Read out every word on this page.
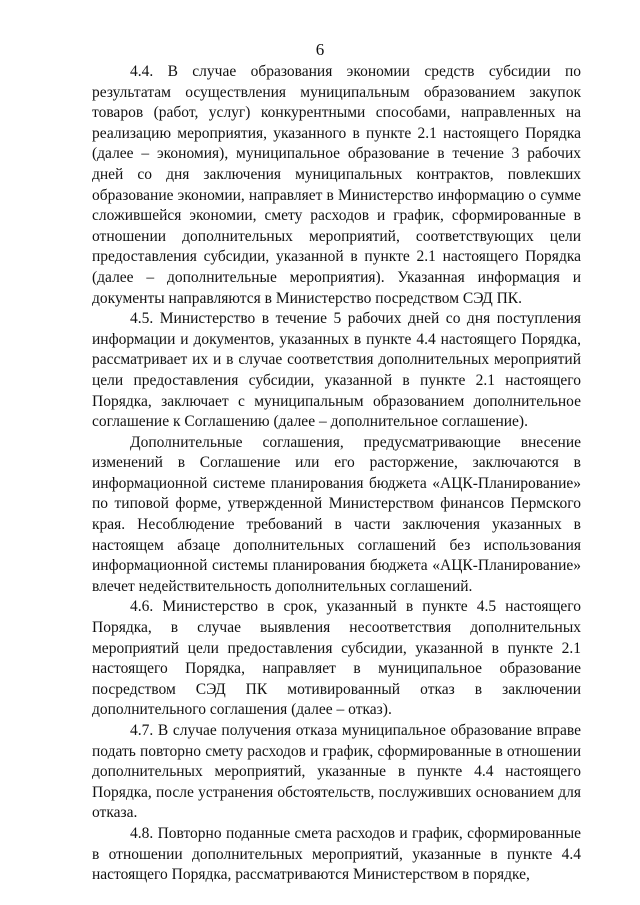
6

4.4. В случае образования экономии средств субсидии по результатам осуществления муниципальным образованием закупок товаров (работ, услуг) конкурентными способами, направленных на реализацию мероприятия, указанного в пункте 2.1 настоящего Порядка (далее – экономия), муниципальное образование в течение 3 рабочих дней со дня заключения муниципальных контрактов, повлекших образование экономии, направляет в Министерство информацию о сумме сложившейся экономии, смету расходов и график, сформированные в отношении дополнительных мероприятий, соответствующих цели предоставления субсидии, указанной в пункте 2.1 настоящего Порядка (далее – дополнительные мероприятия). Указанная информация и документы направляются в Министерство посредством СЭД ПК.

4.5. Министерство в течение 5 рабочих дней со дня поступления информации и документов, указанных в пункте 4.4 настоящего Порядка, рассматривает их и в случае соответствия дополнительных мероприятий цели предоставления субсидии, указанной в пункте 2.1 настоящего Порядка, заключает с муниципальным образованием дополнительное соглашение к Соглашению (далее – дополнительное соглашение).

Дополнительные соглашения, предусматривающие внесение изменений в Соглашение или его расторжение, заключаются в информационной системе планирования бюджета «АЦК-Планирование» по типовой форме, утвержденной Министерством финансов Пермского края. Несоблюдение требований в части заключения указанных в настоящем абзаце дополнительных соглашений без использования информационной системы планирования бюджета «АЦК-Планирование» влечет недействительность дополнительных соглашений.

4.6. Министерство в срок, указанный в пункте 4.5 настоящего Порядка, в случае выявления несоответствия дополнительных мероприятий цели предоставления субсидии, указанной в пункте 2.1 настоящего Порядка, направляет в муниципальное образование посредством СЭД ПК мотивированный отказ в заключении дополнительного соглашения (далее – отказ).

4.7. В случае получения отказа муниципальное образование вправе подать повторно смету расходов и график, сформированные в отношении дополнительных мероприятий, указанные в пункте 4.4 настоящего Порядка, после устранения обстоятельств, послуживших основанием для отказа.

4.8. Повторно поданные смета расходов и график, сформированные в отношении дополнительных мероприятий, указанные в пункте 4.4 настоящего Порядка, рассматриваются Министерством в порядке,
